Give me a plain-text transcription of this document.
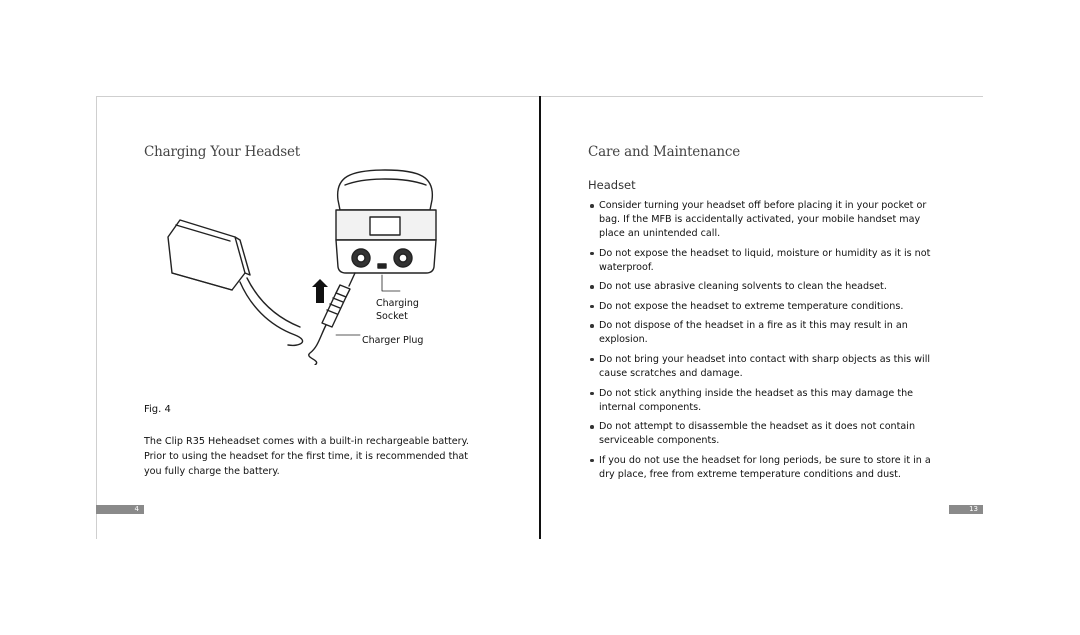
Charging Your Headset
Charging
Socket
Charger Plug
Fig. 4
The Clip R35 Heheadset comes with a built-in rechargeable battery. Prior to using the headset for the first time, it is recommended that you fully charge the battery.
4
Care and Maintenance
Headset
Consider turning your headset off before placing it in your pocket or bag. If the MFB is accidentally activated, your mobile handset may place an unintended call.
Do not expose the headset to liquid, moisture or humidity as it is not waterproof.
Do not use abrasive cleaning solvents to clean the headset.
Do not expose the headset to extreme temperature conditions.
Do not dispose of the headset in a fire as it this may result in an explosion.
Do not bring your headset into contact with sharp objects as this will cause scratches and damage.
Do not stick anything inside the headset as this may damage the internal components.
Do not attempt to disassemble the headset as it does not contain serviceable components.
If you do not use the headset for long periods, be sure to store it in a dry place, free from extreme temperature conditions and dust.
13
